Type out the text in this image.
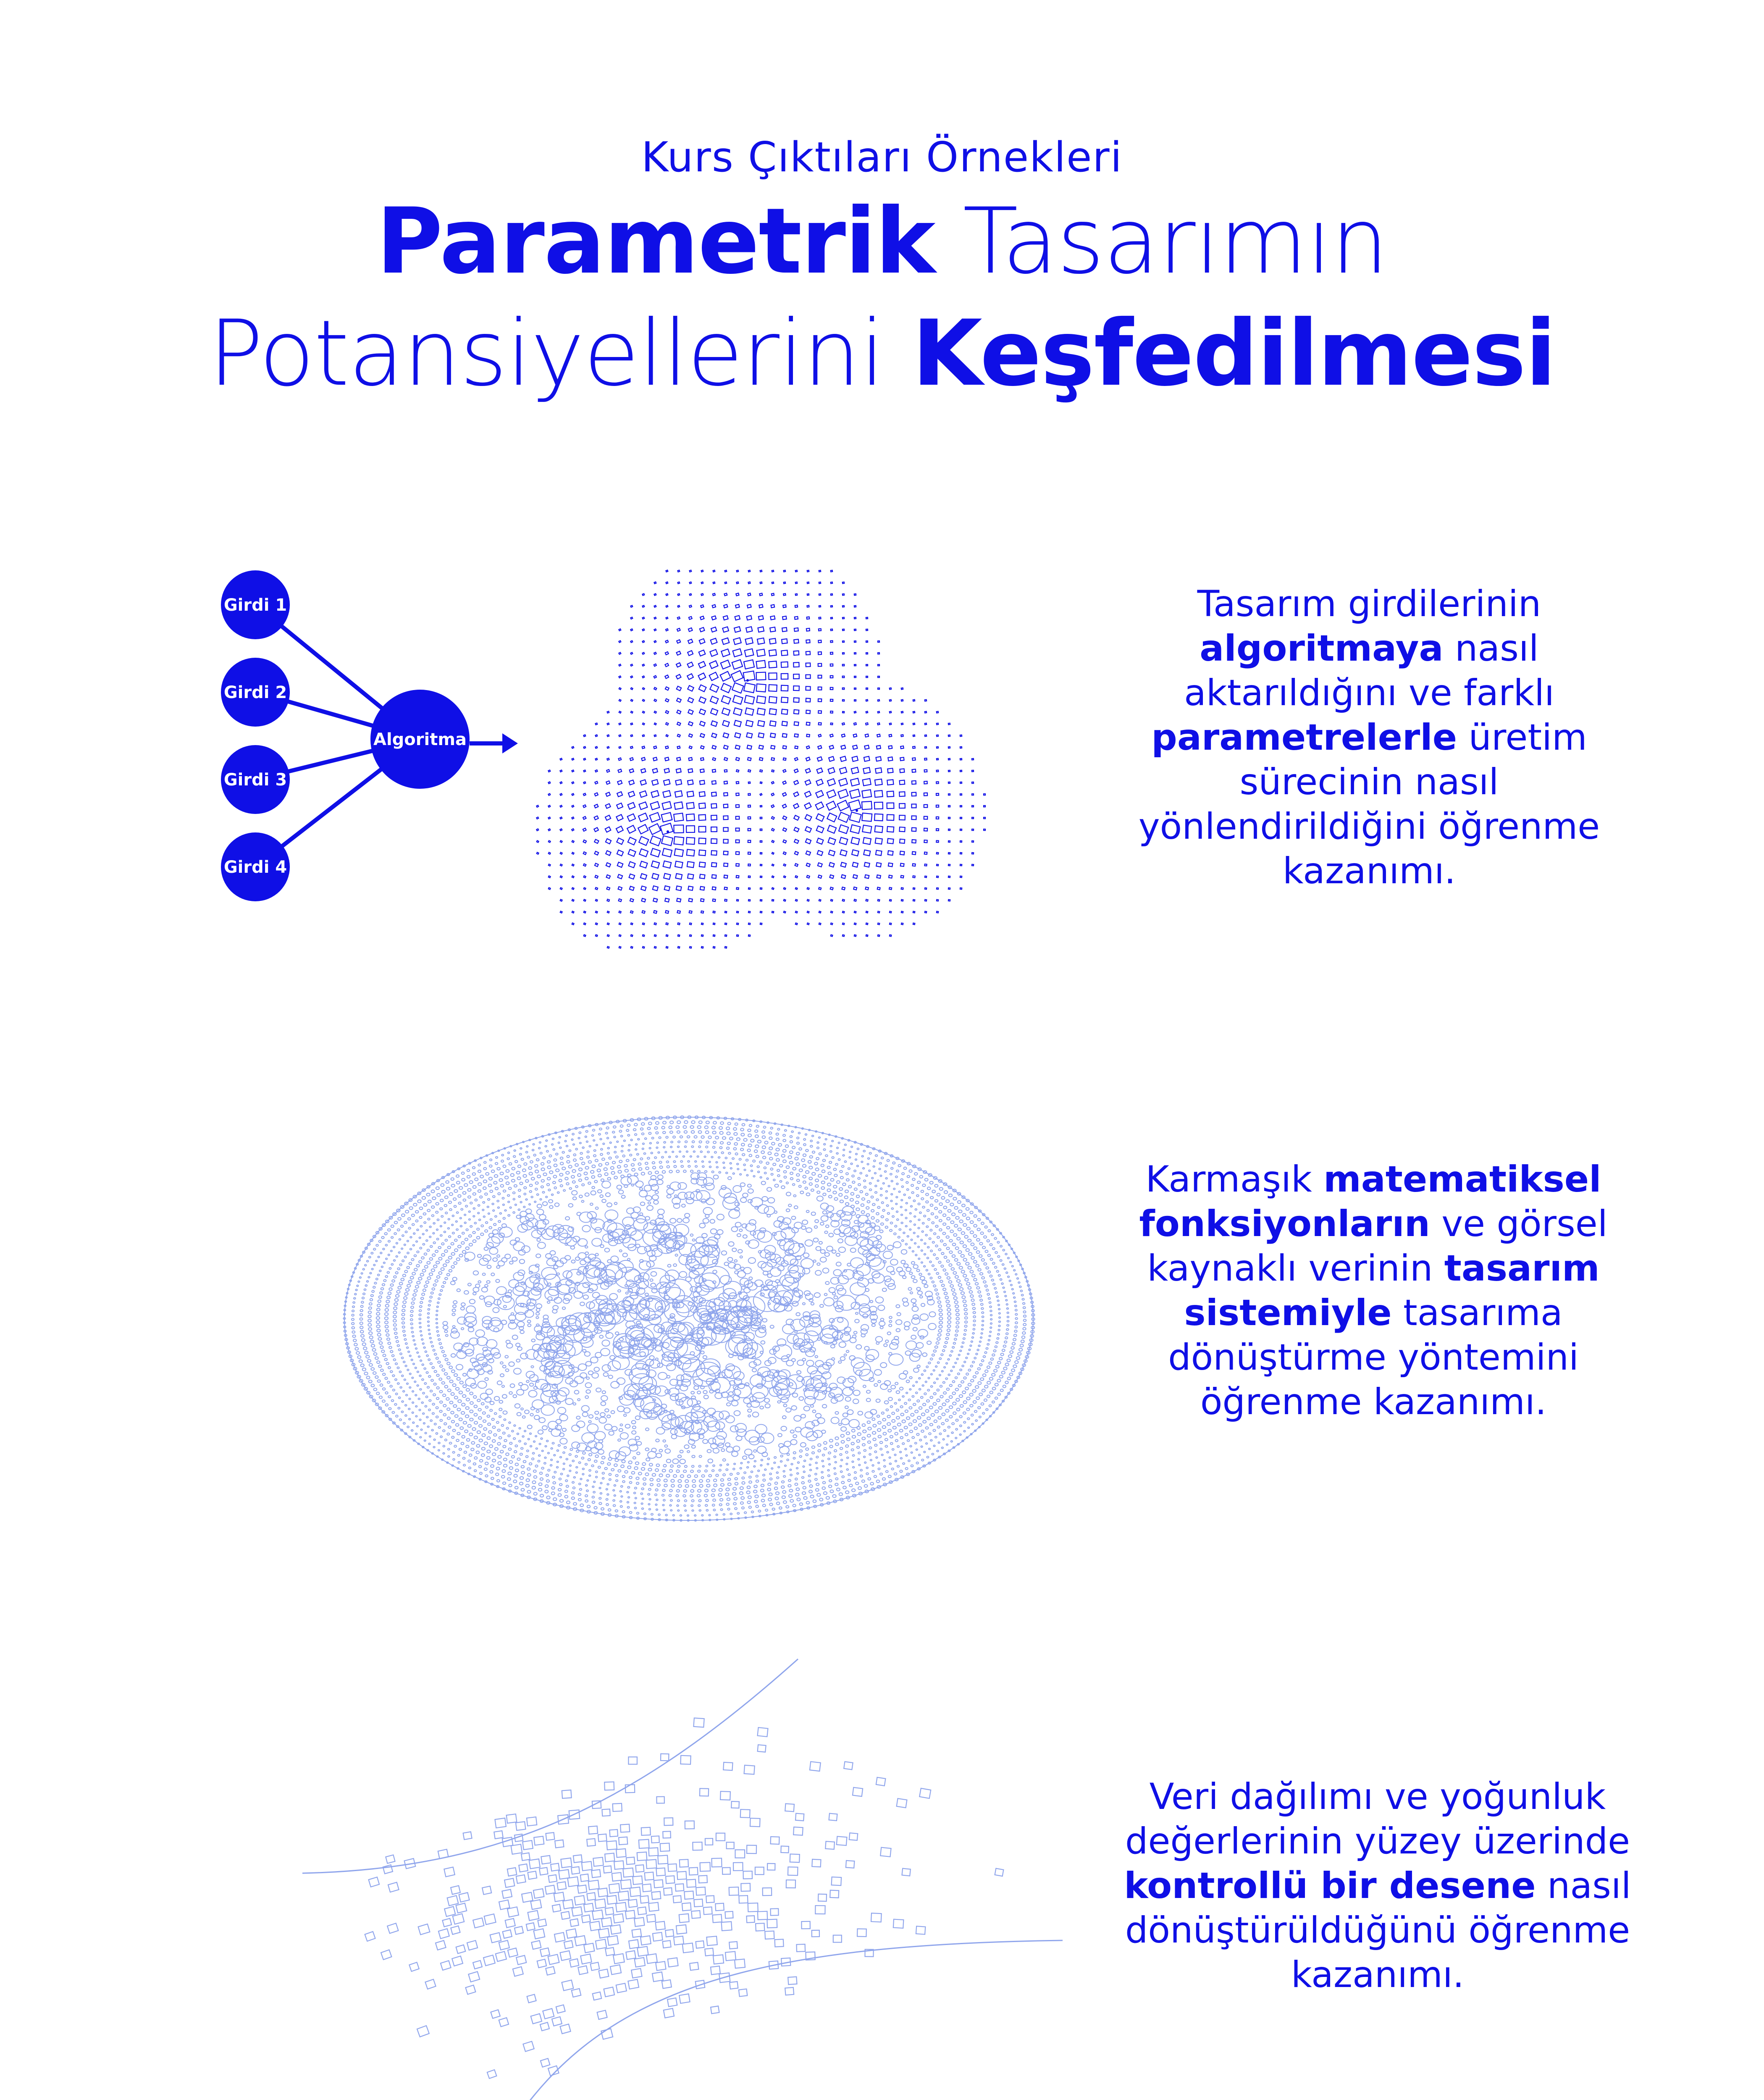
Kurs Çıktıları Örnekleri
Parametrik Tasarımın
Potansiyellerini Keşfedilmesi
Girdi 1
Girdi 2
Girdi 3
Girdi 4
Algoritma
Tasarım girdilerinin algoritmaya nasıl aktarıldığını ve farklı parametrelerle üretim sürecinin nasıl yönlendirildiğini öğrenme kazanımı.
Karmaşık matematiksel fonksiyonların ve görsel kaynaklı verinin tasarım sistemiyle tasarıma dönüştürme yöntemini öğrenme kazanımı.
Veri dağılımı ve yoğunluk değerlerinin yüzey üzerinde kontrollü bir desene nasıl dönüştürüldüğünü öğrenme kazanımı.
